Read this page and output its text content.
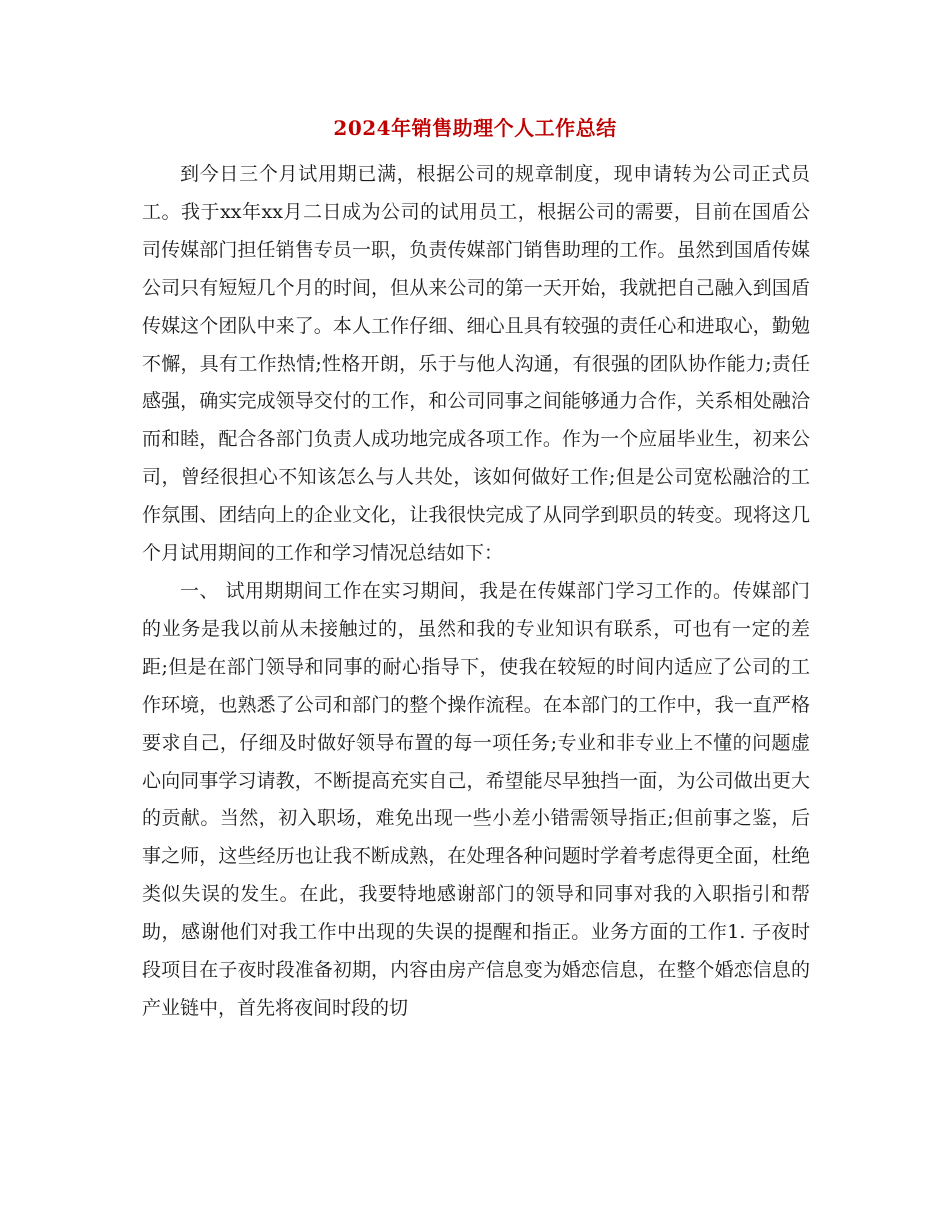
2024年销售助理个人工作总结

到今日三个月试用期已满，根据公司的规章制度，现申请转为公司正式员工。我于xx年xx月二日成为公司的试用员工，根据公司的需要，目前在国盾公司传媒部门担任销售专员一职，负责传媒部门销售助理的工作。虽然到国盾传媒公司只有短短几个月的时间，但从来公司的第一天开始，我就把自己融入到国盾传媒这个团队中来了。本人工作仔细、细心且具有较强的责任心和进取心，勤勉不懈，具有工作热情;性格开朗，乐于与他人沟通，有很强的团队协作能力;责任感强，确实完成领导交付的工作，和公司同事之间能够通力合作，关系相处融洽而和睦，配合各部门负责人成功地完成各项工作。作为一个应届毕业生，初来公司，曾经很担心不知该怎么与人共处，该如何做好工作;但是公司宽松融洽的工作氛围、团结向上的企业文化，让我很快完成了从同学到职员的转变。现将这几个月试用期间的工作和学习情况总结如下：

一、 试用期期间工作在实习期间，我是在传媒部门学习工作的。传媒部门的业务是我以前从未接触过的，虽然和我的专业知识有联系，可也有一定的差距;但是在部门领导和同事的耐心指导下，使我在较短的时间内适应了公司的工作环境，也熟悉了公司和部门的整个操作流程。在本部门的工作中，我一直严格要求自己，仔细及时做好领导布置的每一项任务;专业和非专业上不懂的问题虚心向同事学习请教，不断提高充实自己，希望能尽早独挡一面，为公司做出更大的贡献。当然，初入职场，难免出现一些小差小错需领导指正;但前事之鉴，后事之师，这些经历也让我不断成熟，在处理各种问题时学着考虑得更全面，杜绝类似失误的发生。在此，我要特地感谢部门的领导和同事对我的入职指引和帮助，感谢他们对我工作中出现的失误的提醒和指正。业务方面的工作1. 子夜时段项目在子夜时段准备初期，内容由房产信息变为婚恋信息，在整个婚恋信息的产业链中，首先将夜间时段的切
